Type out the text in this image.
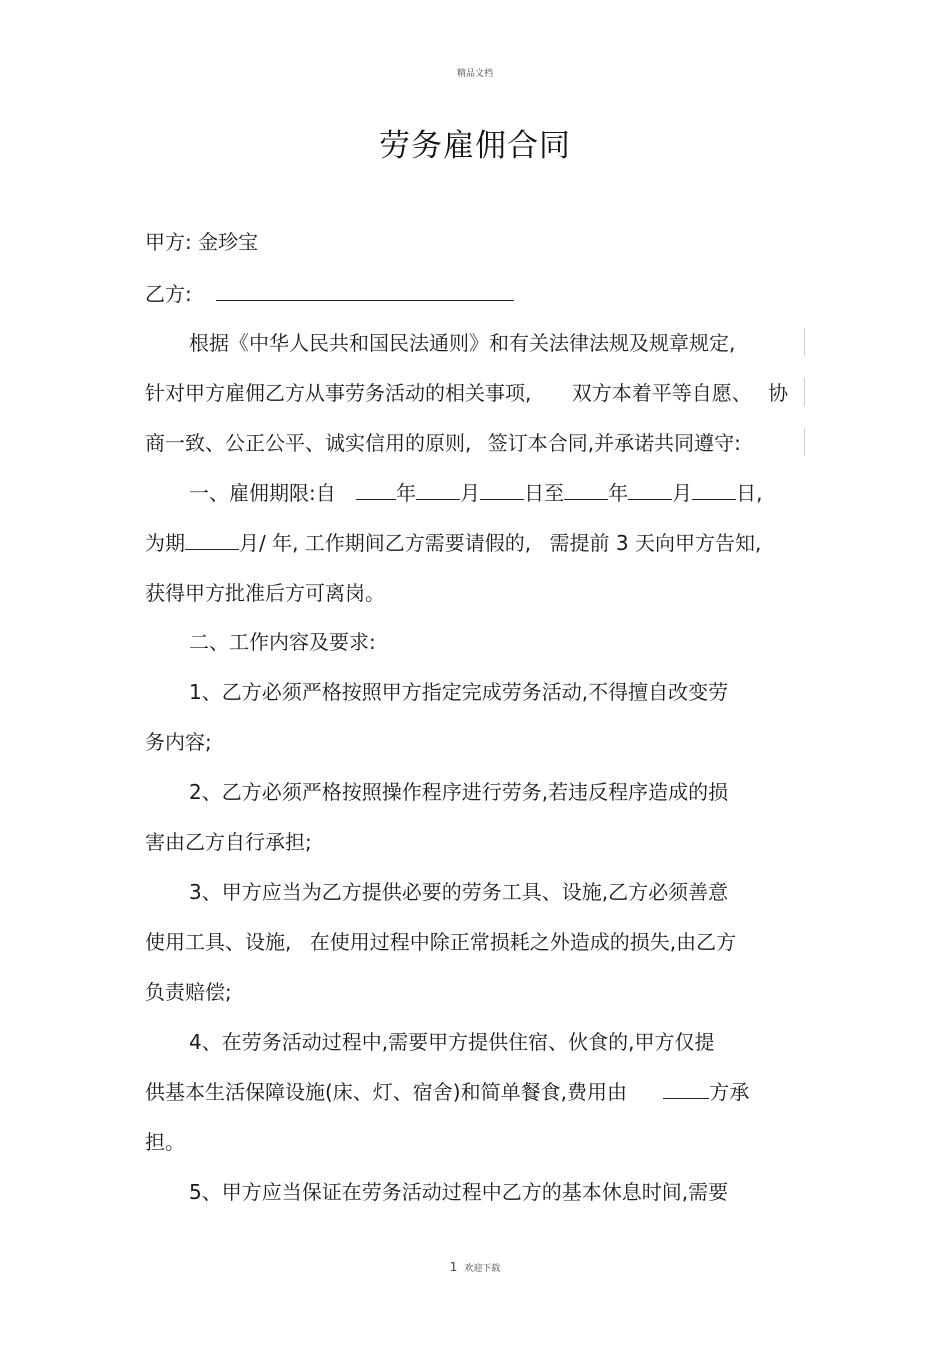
精品文档
劳务雇佣合同
甲方: 金珍宝
乙方:
根据《中华人民共和国民法通则》和有关法律法规及规章规定,
针对甲方雇佣乙方从事劳务活动的相关事项, 双方本着平等自愿、 协
商一致、公正公平、诚实信用的原则, 签订本合同,并承诺共同遵守:
一、雇佣期限:自	年 月 日至 年 月 日,
为期	月/ 年, 工作期间乙方需要请假的, 需提前 3 天向甲方告知,
获得甲方批准后方可离岗。
二、工作内容及要求:
1、乙方必须严格按照甲方指定完成劳务活动,不得擅自改变劳
务内容;
2、乙方必须严格按照操作程序进行劳务,若违反程序造成的损
害由乙方自行承担;
3、甲方应当为乙方提供必要的劳务工具、设施,乙方必须善意
使用工具、设施, 在使用过程中除正常损耗之外造成的损失,由乙方
负责赔偿;
4、在劳务活动过程中,需要甲方提供住宿、伙食的,甲方仅提
供基本生活保障设施(床、灯、宿舍)和简单餐食,费用由	方承
担。
5、甲方应当保证在劳务活动过程中乙方的基本休息时间,需要
1 欢迎下载
